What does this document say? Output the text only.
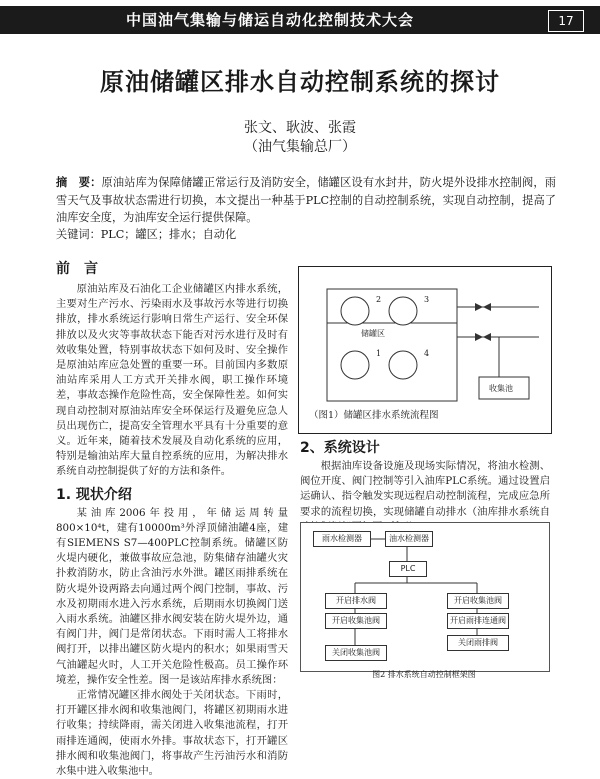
中国油气集输与储运自动化控制技术大会	17
原油储罐区排水自动控制系统的探讨
张文、耿波、张霞
（油气集输总厂）
摘　要：原油站库为保障储罐正常运行及消防安全，储罐区设有水封井，防火堤外设排水控制阀，雨雪天气及事故状态需进行切换，本文提出一种基于PLC控制的自动控制系统，实现自动控制，提高了油库安全度，为油库安全运行提供保障。
关键词：PLC；罐区；排水；自动化
前　言

原油站库及石油化工企业储罐区内排水系统，主要对生产污水、污染雨水及事故污水等进行切换排放，排水系统运行影响日常生产运行、安全环保排放以及火灾等事故状态下能否对污水进行及时有效收集处置，特别事故状态下如何及时、安全操作是原油站库应急处置的重要一环。目前国内多数原油站库采用人工方式开关排水阀，职工操作环境差，事故态操作危险性高，安全保障性差。如何实现自动控制对原油站库安全环保运行及避免应急人员出现伤亡，提高安全管理水平具有十分重要的意义。近年来，随着技术发展及自动化系统的应用，特别是输油站库大量自控系统的应用，为解决排水系统自动控制提供了好的方法和条件。

1. 现状介绍

某油库2006年投用，年储运周转量800×10⁴t，建有10000m³外浮顶储油罐4座，建有SIEMENS S7—400PLC控制系统。储罐区防火堤内硬化，兼做事故应急池，防集储存油罐火灾扑救消防水，防止含油污水外泄。罐区雨排系统在防火堤外设两路去向通过两个阀门控制，事故、污水及初期雨水进入污水系统，后期雨水切换阀门送入雨水系统。油罐区排水阀安装在防火堤外边，通有阀门井，阀门是常闭状态。下雨时需人工将排水阀打开，以排出罐区防火堤内的积水；如果雨雪天气油罐起火时，人工开关危险性极高。员工操作环境差，操作安全性差。图一是该站库排水系统图：

正常情况罐区排水阀处于关闭状态。下雨时，打开罐区排水阀和收集池阀门，将罐区初期雨水进行收集；持续降雨，需关闭进入收集池流程，打开雨排连通阀，使雨水外排。事故状态下，打开罐区排水阀和收集池阀门，将事故产生污油污水和消防水集中进入收集池中。

2	3
1	4
储罐区
收集池
（图1）储罐区排水系统流程图
2、系统设计

根据油库设备设施及现场实际情况，将油水检测、阀位开度、阀门控制等引入油库PLC系统。通过设置启运确认、指令触发实现远程启动控制流程，完成应急所要求的流程切换，实现储罐自动排水（油库排水系统自

雨水检测器	油水检测器
PLC
开启排水阀	开启收集池阀
开启收集池阀	开启雨排连通阀
关闭收集池阀
关闭雨排阀
图2 排水系统自动控制框架图
